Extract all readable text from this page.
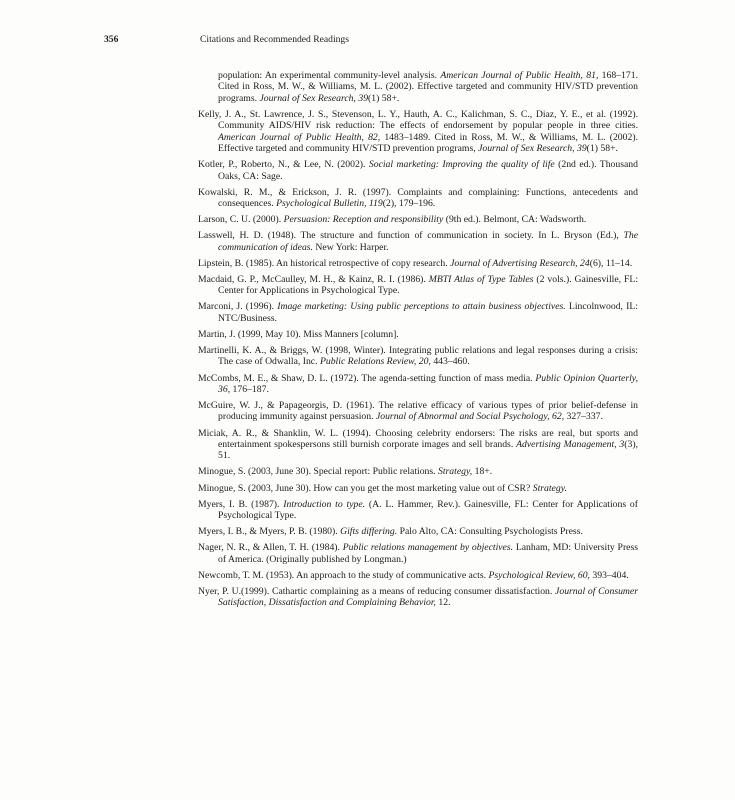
356	Citations and Recommended Readings

population: An experimental community-level analysis. American Journal of Public Health, 81, 168–171. Cited in Ross, M. W., & Williams, M. L. (2002). Effective targeted and community HIV/STD prevention programs. Journal of Sex Research, 39(1) 58+.

Kelly, J. A., St. Lawrence, J. S., Stevenson, L. Y., Hauth, A. C., Kalichman, S. C., Diaz, Y. E., et al. (1992). Community AIDS/HIV risk reduction: The effects of endorsement by popular people in three cities. American Journal of Public Health, 82, 1483–1489. Cited in Ross, M. W., & Williams, M. L. (2002). Effective targeted and community HIV/STD prevention programs, Journal of Sex Research, 39(1) 58+.

Kotler, P., Roberto, N., & Lee, N. (2002). Social marketing: Improving the quality of life (2nd ed.). Thousand Oaks, CA: Sage.

Kowalski, R. M., & Erickson, J. R. (1997). Complaints and complaining: Functions, antecedents and consequences. Psychological Bulletin, 119(2), 179–196.

Larson, C. U. (2000). Persuasion: Reception and responsibility (9th ed.). Belmont, CA: Wadsworth.

Lasswell, H. D. (1948). The structure and function of communication in society. In L. Bryson (Ed.), The communication of ideas. New York: Harper.

Lipstein, B. (1985). An historical retrospective of copy research. Journal of Advertising Research, 24(6), 11–14.

Macdaid, G. P., McCaulley, M. H., & Kainz, R. I. (1986). MBTI Atlas of Type Tables (2 vols.). Gainesville, FL: Center for Applications in Psychological Type.

Marconi, J. (1996). Image marketing: Using public perceptions to attain business objectives. Lincolnwood, IL: NTC/Business.

Martin, J. (1999, May 10). Miss Manners [column].

Martinelli, K. A., & Briggs, W. (1998, Winter). Integrating public relations and legal responses during a crisis: The case of Odwalla, Inc. Public Relations Review, 20, 443–460.

McCombs, M. E., & Shaw, D. L. (1972). The agenda-setting function of mass media. Public Opinion Quarterly, 36, 176–187.

McGuire, W. J., & Papageorgis, D. (1961). The relative efficacy of various types of prior belief-defense in producing immunity against persuasion. Journal of Abnormal and Social Psychology, 62, 327–337.

Miciak, A. R., & Shanklin, W. L. (1994). Choosing celebrity endorsers: The risks are real, but sports and entertainment spokespersons still burnish corporate images and sell brands. Advertising Management, 3(3), 51.

Minogue, S. (2003, June 30). Special report: Public relations. Strategy, 18+.

Minogue, S. (2003, June 30). How can you get the most marketing value out of CSR? Strategy.

Myers, I. B. (1987). Introduction to type. (A. L. Hammer, Rev.). Gainesville, FL: Center for Applications of Psychological Type.

Myers, I. B., & Myers, P. B. (1980). Gifts differing. Palo Alto, CA: Consulting Psychologists Press.

Nager, N. R., & Allen, T. H. (1984). Public relations management by objectives. Lanham, MD: University Press of America. (Originally published by Longman.)

Newcomb, T. M. (1953). An approach to the study of communicative acts. Psychological Review, 60, 393–404.

Nyer, P. U.(1999). Cathartic complaining as a means of reducing consumer dissatisfaction. Journal of Consumer Satisfaction, Dissatisfaction and Complaining Behavior, 12.
